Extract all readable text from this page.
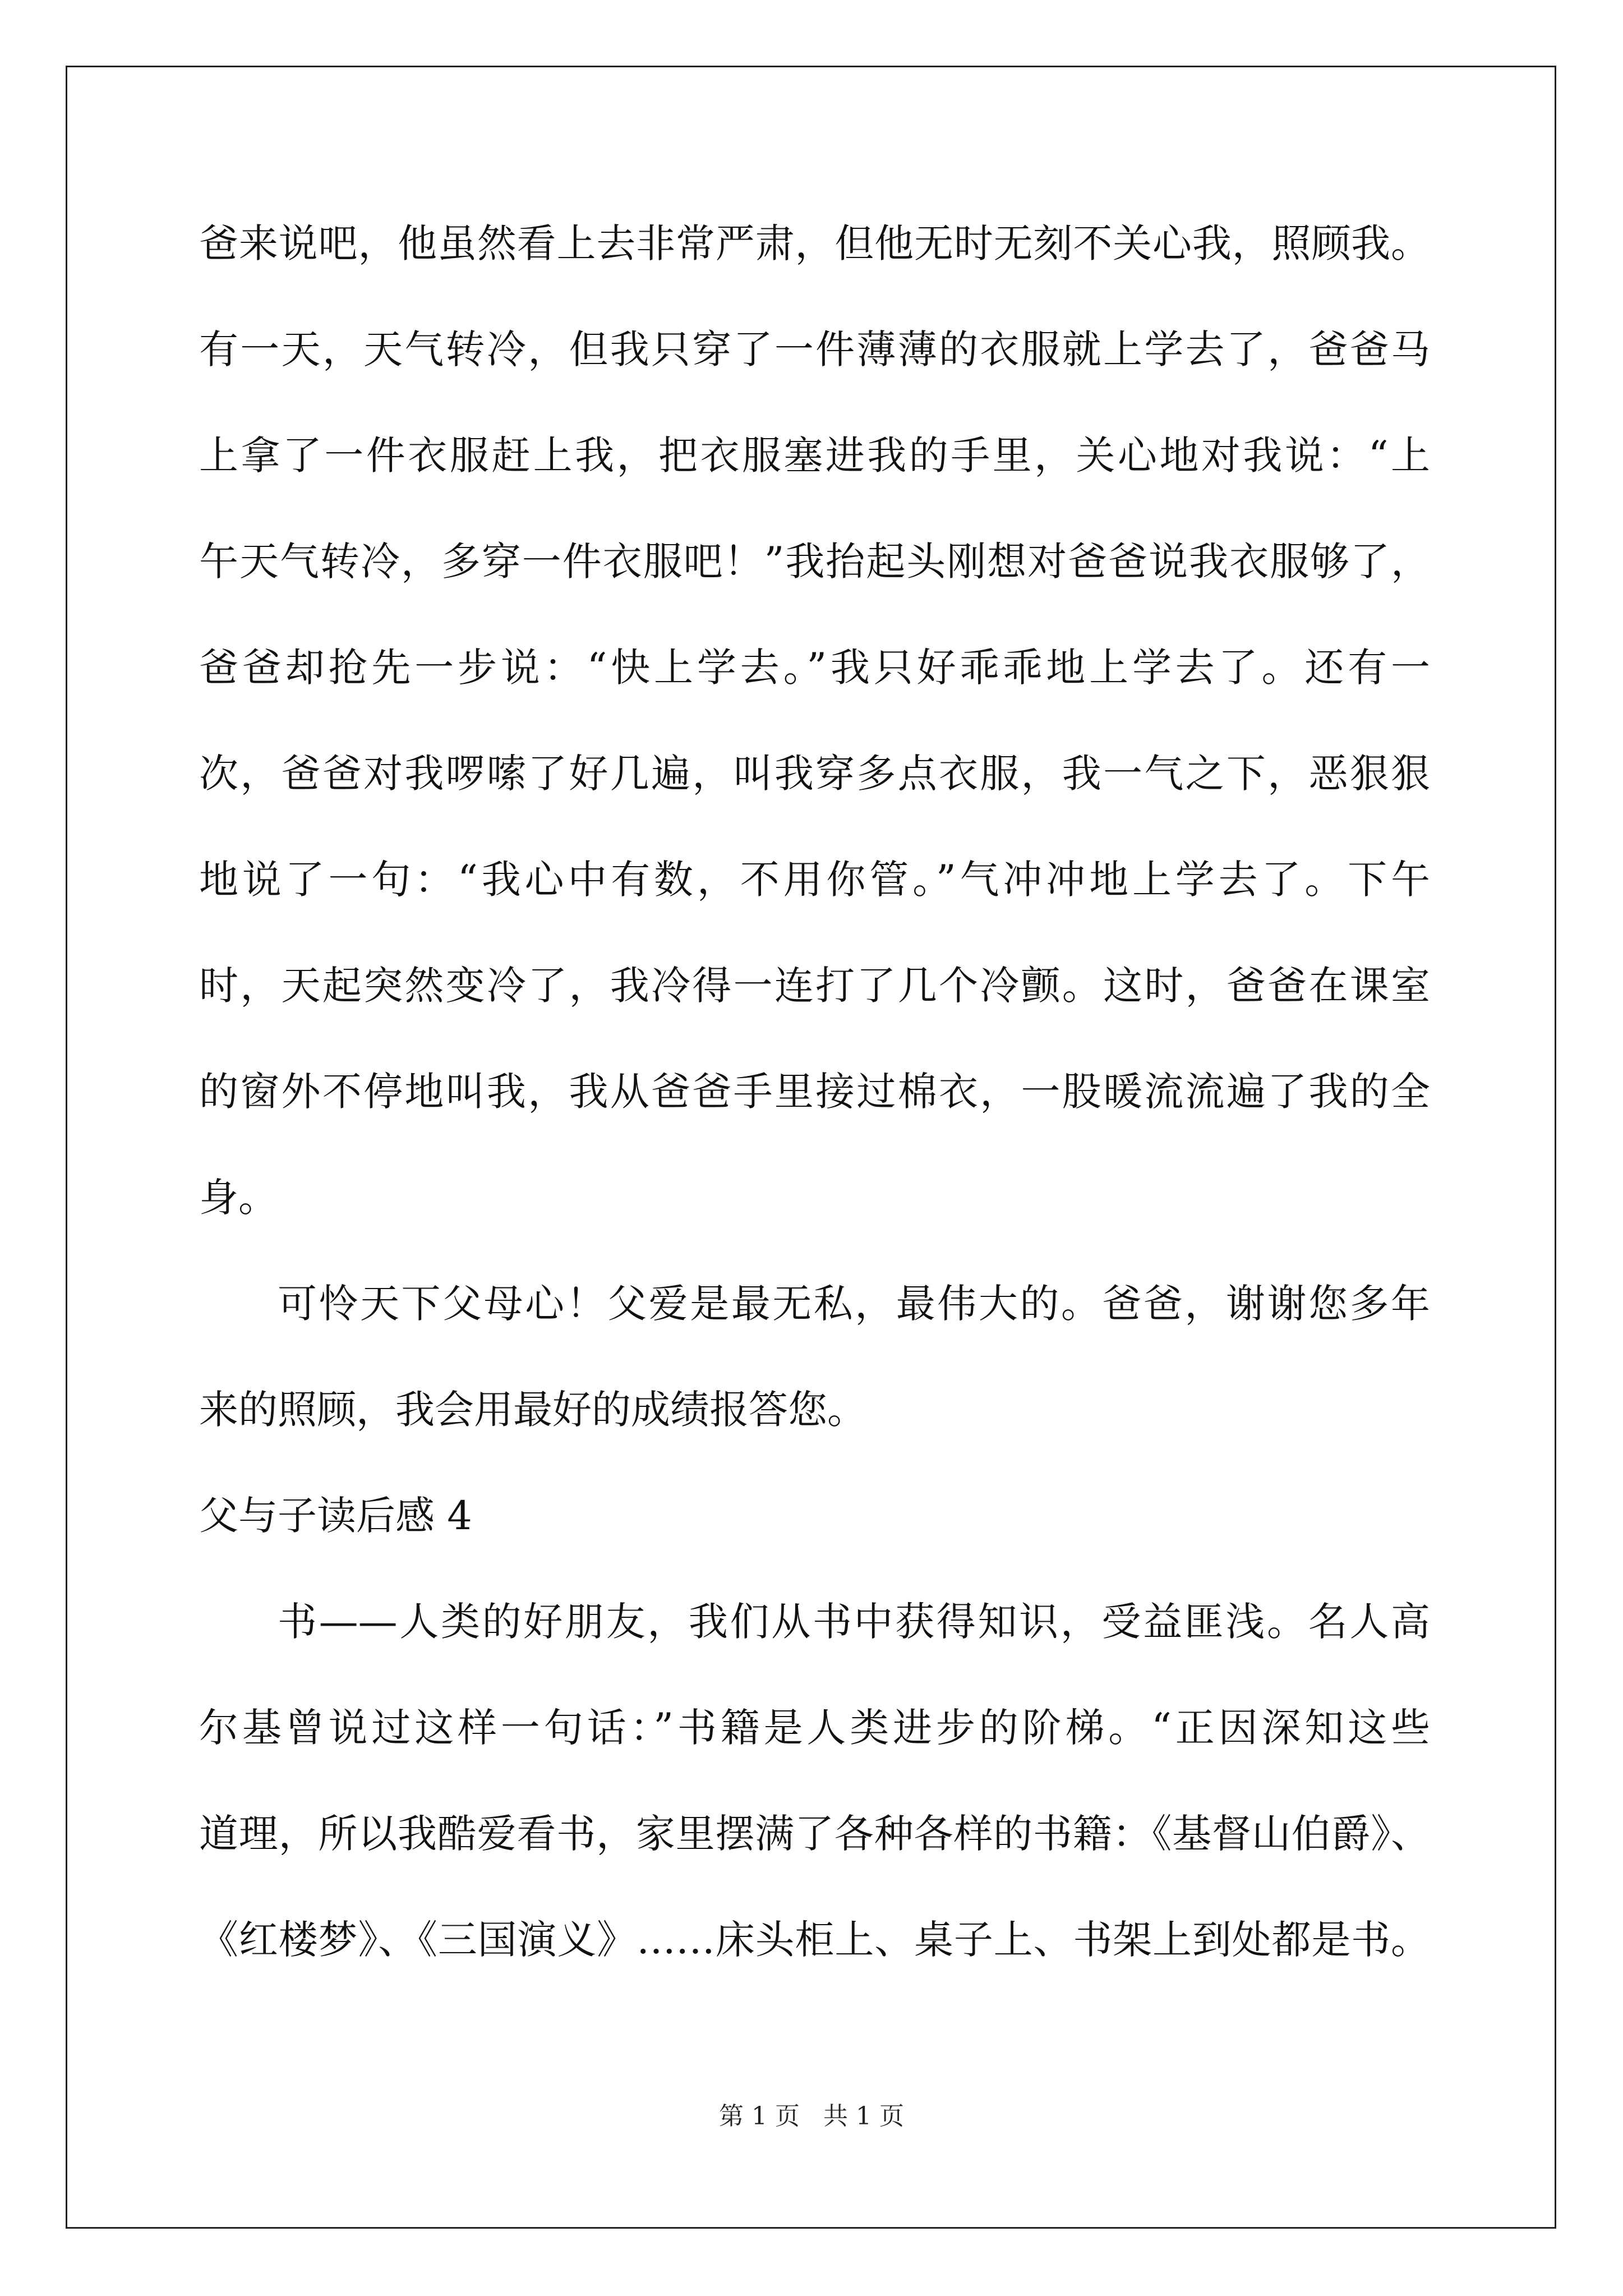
爸来说吧，他虽然看上去非常严肃，但他无时无刻不关心我，照顾我。
有一天，天气转冷，但我只穿了一件薄薄的衣服就上学去了，爸爸马
上拿了一件衣服赶上我，把衣服塞进我的手里，关心地对我说：“上
午天气转冷，多穿一件衣服吧！”我抬起头刚想对爸爸说我衣服够了，
爸爸却抢先一步说：“快上学去。”我只好乖乖地上学去了。还有一
次，爸爸对我啰嗦了好几遍，叫我穿多点衣服，我一气之下，恶狠狠
地说了一句：“我心中有数，不用你管。”气冲冲地上学去了。下午
时，天起突然变冷了，我冷得一连打了几个冷颤。这时，爸爸在课室
的窗外不停地叫我，我从爸爸手里接过棉衣，一股暖流流遍了我的全
身。
可怜天下父母心！父爱是最无私，最伟大的。爸爸，谢谢您多年
来的照顾，我会用最好的成绩报答您。
父与子读后感 4
书——人类的好朋友，我们从书中获得知识，受益匪浅。名人高
尔基曾说过这样一句话：”书籍是人类进步的阶梯。“正因深知这些
道理，所以我酷爱看书，家里摆满了各种各样的书籍：《基督山伯爵》、
《红楼梦》、《三国演义》……床头柜上、桌子上、书架上到处都是书。
第 1 页   共 1 页
